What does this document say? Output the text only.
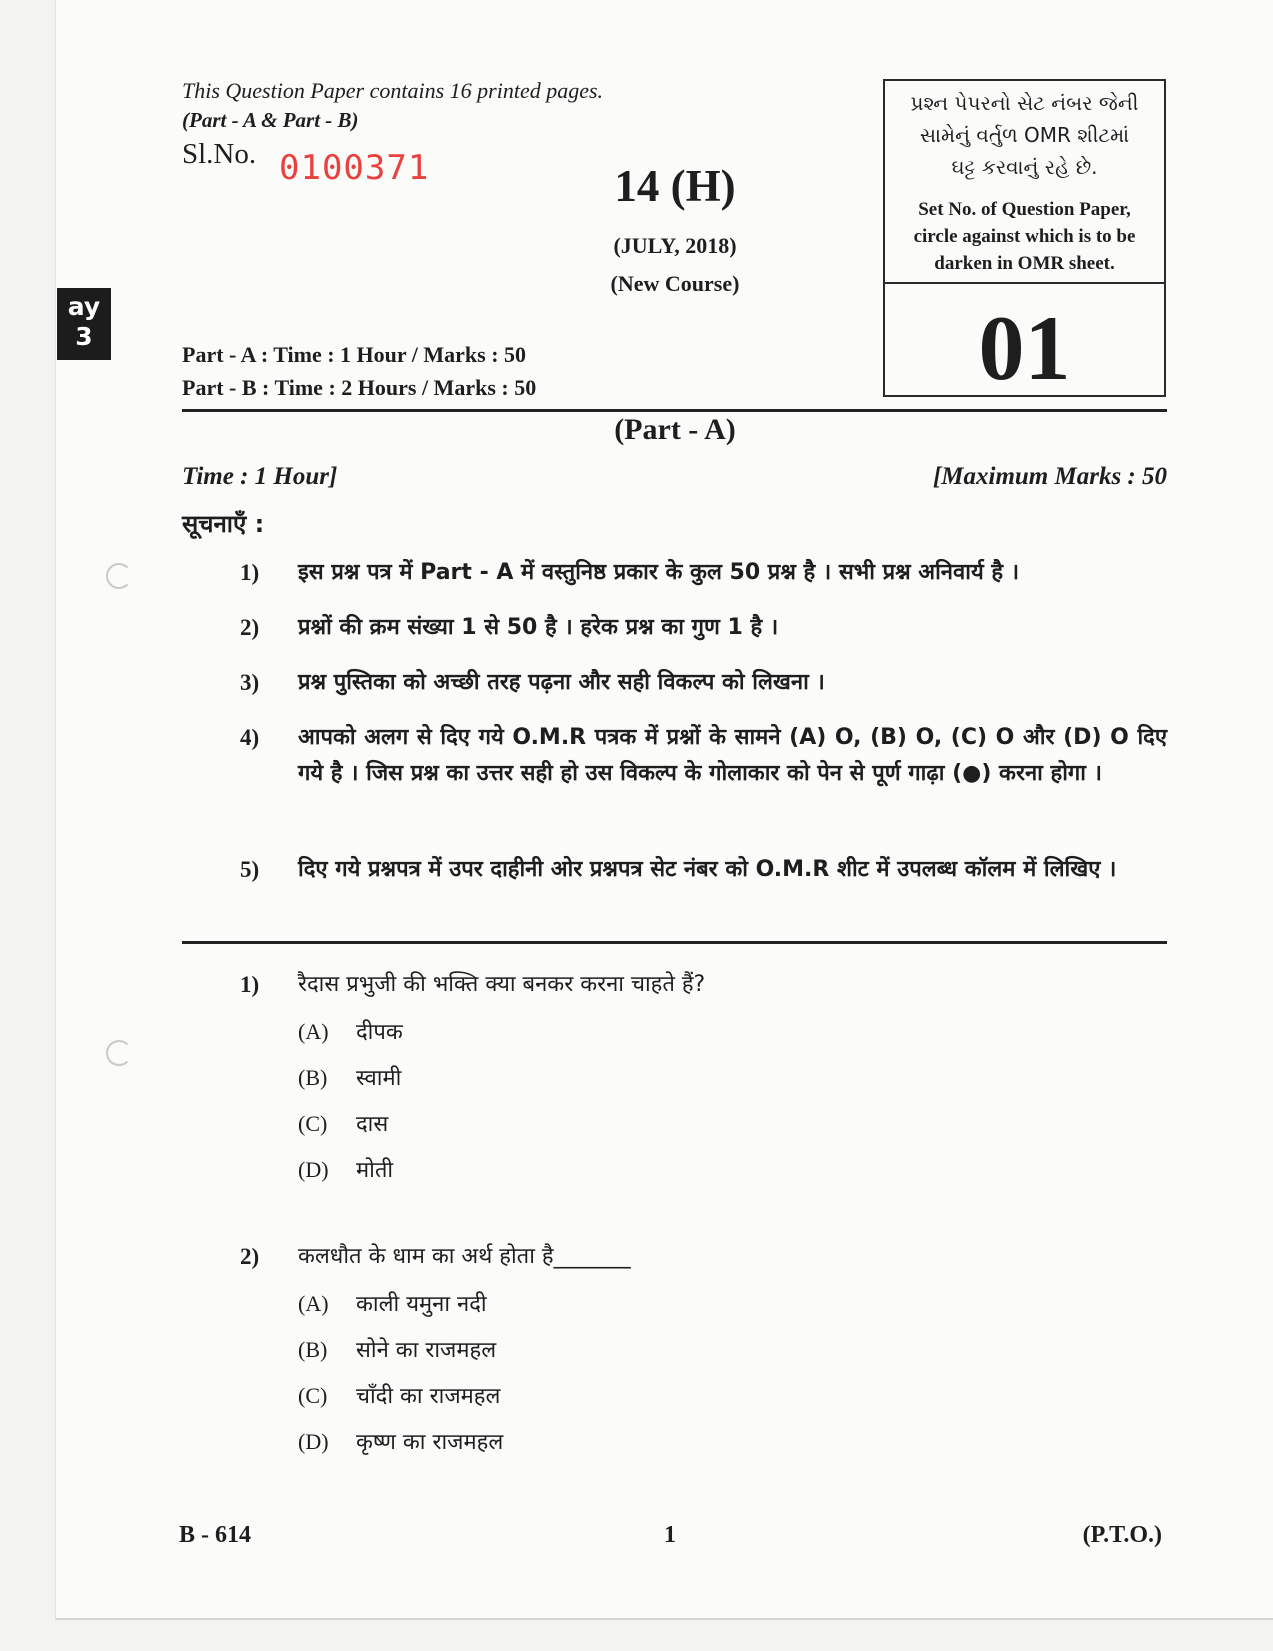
ay
3
This Question Paper contains 16 printed pages.
(Part - A & Part - B)
Sl.No. 0100371	14 (H)
(JULY, 2018)
(New Course)
પ્રશ્ન પેપરનો સેટ નંબર જેની
સામેનું વર્તુળ OMR શીટમાં
ઘટ્ટ કરવાનું રહે છે.
Set No. of Question Paper,
circle against which is to be
darken in OMR sheet.
01
Part - A : Time : 1 Hour / Marks : 50
Part - B : Time : 2 Hours / Marks : 50
(Part - A)
Time : 1 Hour]	[Maximum Marks : 50
सूचनाएँ :
1) इस प्रश्न पत्र में Part - A में वस्तुनिष्ठ प्रकार के कुल 50 प्रश्न है । सभी प्रश्न अनिवार्य है ।
2) प्रश्नों की क्रम संख्या 1 से 50 है । हरेक प्रश्न का गुण 1 है ।
3) प्रश्न पुस्तिका को अच्छी तरह पढ़ना और सही विकल्प को लिखना ।
4) आपको अलग से दिए गये O.M.R पत्रक में प्रश्नों के सामने (A) O, (B) O, (C) O और (D) O दिए गये है । जिस प्रश्न का उत्तर सही हो उस विकल्प के गोलाकार को पेन से पूर्ण गाढ़ा (●) करना होगा ।
5) दिए गये प्रश्नपत्र में उपर दाहीनी ओर प्रश्नपत्र सेट नंबर को O.M.R शीट में उपलब्ध कॉलम में लिखिए ।
1) रैदास प्रभुजी की भक्ति क्या बनकर करना चाहते हैं?
(A) दीपक
(B) स्वामी
(C) दास
(D) मोती
2) कलधौत के धाम का अर्थ होता है_______
(A) काली यमुना नदी
(B) सोने का राजमहल
(C) चाँदी का राजमहल
(D) कृष्ण का राजमहल
B - 614	1	(P.T.O.)
